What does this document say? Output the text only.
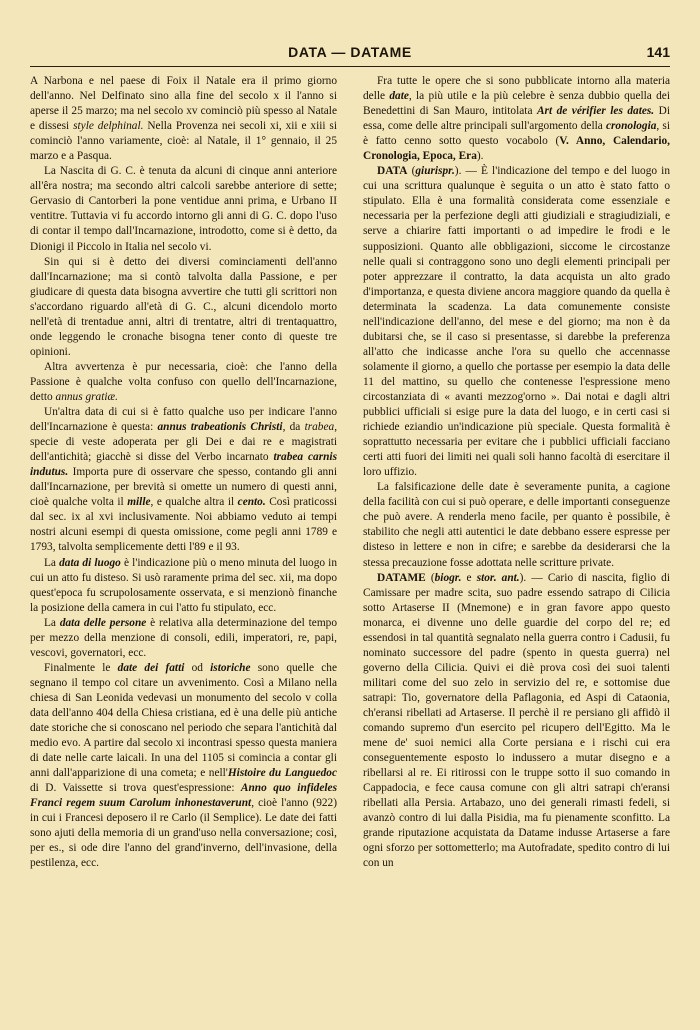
DATA — DATAME	141

A Narbona e nel paese di Foix il Natale era il primo giorno dell'anno. Nel Delfinato sino alla fine del secolo x il l'anno si aperse il 25 marzo; ma nel secolo xv cominciò più spesso al Natale e dissesi style delphinal. Nella Provenza nei secoli xi, xii e xiii si cominciò l'anno variamente, cioè: al Natale, il 1° gennaio, il 25 marzo e a Pasqua.

La Nascita di G. C. è tenuta da alcuni di cinque anni anteriore all'êra nostra; ma secondo altri calcoli sarebbe anteriore di sette; Gervasio di Cantorberi la pone ventidue anni prima, e Urbano II ventitre. Tuttavia vi fu accordo intorno gli anni di G. C. dopo l'uso di contar il tempo dall'Incarnazione, introdotto, come si è detto, da Dionigi il Piccolo in Italia nel secolo vi.

Sin qui si è detto dei diversi cominciamenti dell'anno dall'Incarnazione; ma si contò talvolta dalla Passione, e per giudicare di questa data bisogna avvertire che tutti gli scrittori non s'accordano riguardo all'età di G. C., alcuni dicendolo morto nell'età di trentadue anni, altri di trentatre, altri di trentaquattro, onde leggendo le cronache bisogna tener conto di queste tre opinioni.

Altra avvertenza è pur necessaria, cioè: che l'anno della Passione è qualche volta confuso con quello dell'Incarnazione, detto annus gratiæ.

Un'altra data di cui si è fatto qualche uso per indicare l'anno dell'Incarnazione è questa: annus trabeationis Christi, da trabea, specie di veste adoperata per gli Dei e dai re e magistrati dell'antichità; giacchè si disse del Verbo incarnato trabea carnis indutus. Importa pure di osservare che spesso, contando gli anni dall'Incarnazione, per brevità si omette un numero di questi anni, cioè qualche volta il mille, e qualche altra il cento. Così praticossi dal sec. ix al xvi inclusivamente. Noi abbiamo veduto ai tempi nostri alcuni esempi di questa omissione, come pegli anni 1789 e 1793, talvolta semplicemente detti l'89 e il 93.

La data di luogo è l'indicazione più o meno minuta del luogo in cui un atto fu disteso. Si usò raramente prima del sec. xii, ma dopo quest'epoca fu scrupolosamente osservata, e si menzionò finanche la posizione della camera in cui l'atto fu stipulato, ecc.

La data delle persone è relativa alla determinazione del tempo per mezzo della menzione di consoli, edili, imperatori, re, papi, vescovi, governatori, ecc.

Finalmente le date dei fatti od istoriche sono quelle che segnano il tempo col citare un avvenimento. Così a Milano nella chiesa di San Leonida vedevasi un monumento del secolo v colla data dell'anno 404 della Chiesa cristiana, ed è una delle più antiche date storiche che si conoscano nel periodo che separa l'antichità dal medio evo. A partire dal secolo xi incontrasi spesso questa maniera di date nelle carte laicali. In una del 1105 si comincia a contar gli anni dall'apparizione di una cometa; e nell'Histoire du Languedoc di D. Vaissette si trova quest'espressione: Anno quo infideles Franci regem suum Carolum inhonestaverunt, cioè l'anno (922) in cui i Francesi deposero il re Carlo (il Semplice). Le date dei fatti sono ajuti della memoria di un grand'uso nella conversazione; così, per es., si ode dire l'anno del grand'inverno, dell'invasione, della pestilenza, ecc.

Fra tutte le opere che si sono pubblicate intorno alla materia delle date, la più utile e la più celebre è senza dubbio quella dei Benedettini di San Mauro, intitolata Art de vérifier les dates. Di essa, come delle altre principali sull'argomento della cronologia, si è fatto cenno sotto questo vocabolo (V. Anno, Calendario, Cronologia, Epoca, Era).

DATA (giurispr.). — È l'indicazione del tempo e del luogo in cui una scrittura qualunque è seguita o un atto è stato fatto o stipulato. Ella è una formalità considerata come essenziale e necessaria per la perfezione degli atti giudiziali e stragiudiziali, e serve a chiarire fatti importanti o ad impedire le frodi e le supposizioni. Quanto alle obbligazioni, siccome le circostanze nelle quali si contraggono sono uno degli elementi principali per poter apprezzare il contratto, la data acquista un alto grado d'importanza, e questa diviene ancora maggiore quando da quella è determinata la scadenza. La data comunemente consiste nell'indicazione dell'anno, del mese e del giorno; ma non è da dubitarsi che, se il caso si presentasse, si darebbe la preferenza all'atto che indicasse anche l'ora su quello che accennasse solamente il giorno, a quello che portasse per esempio la data delle 11 del mattino, su quello che contenesse l'espressione meno circostanziata di « avanti mezzog'orno ». Dai notai e dagli altri pubblici ufficiali si esige pure la data del luogo, e in certi casi si richiede eziandio un'indicazione più speciale. Questa formalità è soprattutto necessaria per evitare che i pubblici ufficiali facciano certi atti fuori dei limiti nei quali soli hanno facoltà di esercitare il loro uffizio.

La falsificazione delle date è severamente punita, a cagione della facilità con cui si può operare, e delle importanti conseguenze che può avere. A renderla meno facile, per quanto è possibile, è stabilito che negli atti autentici le date debbano essere espresse per disteso in lettere e non in cifre; e sarebbe da desiderarsi che la stessa precauzione fosse adottata nelle scritture private.

DATAME (biogr. e stor. ant.). — Cario di nascita, figlio di Camissare per madre scita, suo padre essendo satrapo di Cilicia sotto Artaserse II (Mnemone) e in gran favore appo questo monarca, ei divenne uno delle guardie del corpo del re; ed essendosi in tal quantità segnalato nella guerra contro i Cadusii, fu nominato successore del padre (spento in questa guerra) nel governo della Cilicia. Quivi ei diè prova così dei suoi talenti militari come del suo zelo in servizio del re, e sottomise due satrapi: Tio, governatore della Paflagonia, ed Aspi di Cataonia, ch'eransi ribellati ad Artaserse. Il perchè il re persiano gli affidò il comando supremo d'un esercito pel ricupero dell'Egitto. Ma le mene de' suoi nemici alla Corte persiana e i rischi cui era conseguentemente esposto lo indussero a mutar disegno e a ribellarsi al re. Ei ritirossi con le truppe sotto il suo comando in Cappadocia, e fece causa comune con gli altri satrapi ch'eransi ribellati alla Persia. Artabazo, uno dei generali rimasti fedeli, si avanzò contro di lui dalla Pisidia, ma fu pienamente sconfitto. La grande riputazione acquistata da Datame indusse Artaserse a fare ogni sforzo per sottometterlo; ma Autofradate, spedito contro di lui con un
